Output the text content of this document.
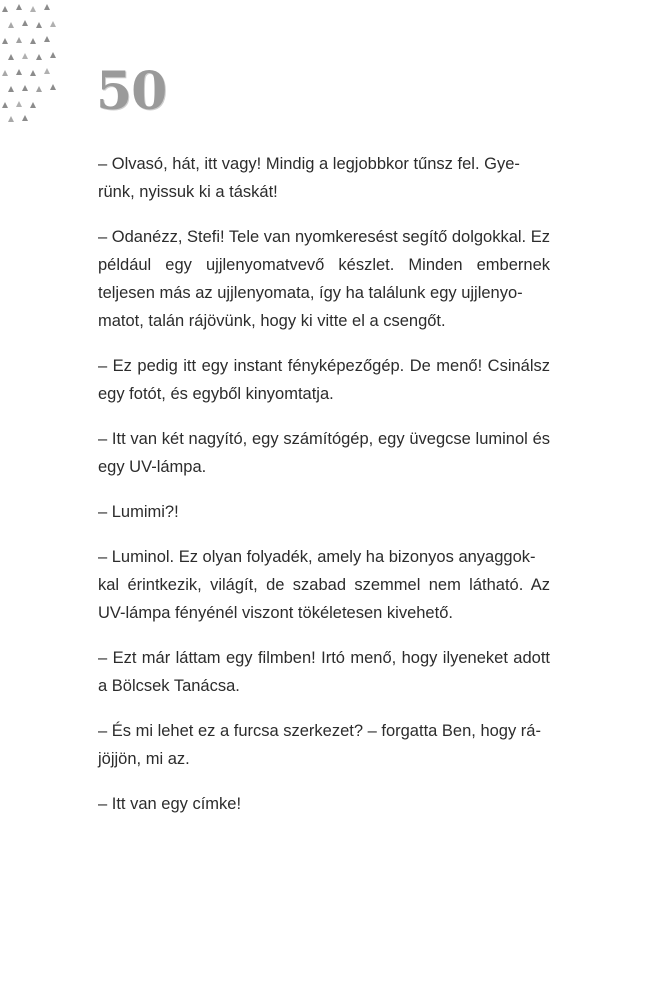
50

– Olvasó, hát, itt vagy! Mindig a legjobbkor tűnsz fel. Gye-
rünk, nyissuk ki a táskát!

– Odanézz, Stefi! Tele van nyomkeresést segítő dolgokkal. Ez például egy ujjlenyomatvevő készlet. Minden embernek teljesen más az ujjlenyomata, így ha találunk egy ujjlenyo-
matot, talán rájövünk, hogy ki vitte el a csengőt.

– Ez pedig itt egy instant fényképezőgép. De menő! Csinálsz egy fotót, és egyből kinyomtatja.

– Itt van két nagyító, egy számítógép, egy üvegcse luminol és egy UV-lámpa.

– Lumimi?!

– Luminol. Ez olyan folyadék, amely ha bizonyos anyaggok-
kal érintkezik, világít, de szabad szemmel nem látható. Az UV-lámpa fényénél viszont tökéletesen kivehető.

– Ezt már láttam egy filmben! Irtó menő, hogy ilyeneket adott a Bölcsek Tanácsa.

– És mi lehet ez a furcsa szerkezet? – forgatta Ben, hogy rá-
jöjjön, mi az.

– Itt van egy címke!
